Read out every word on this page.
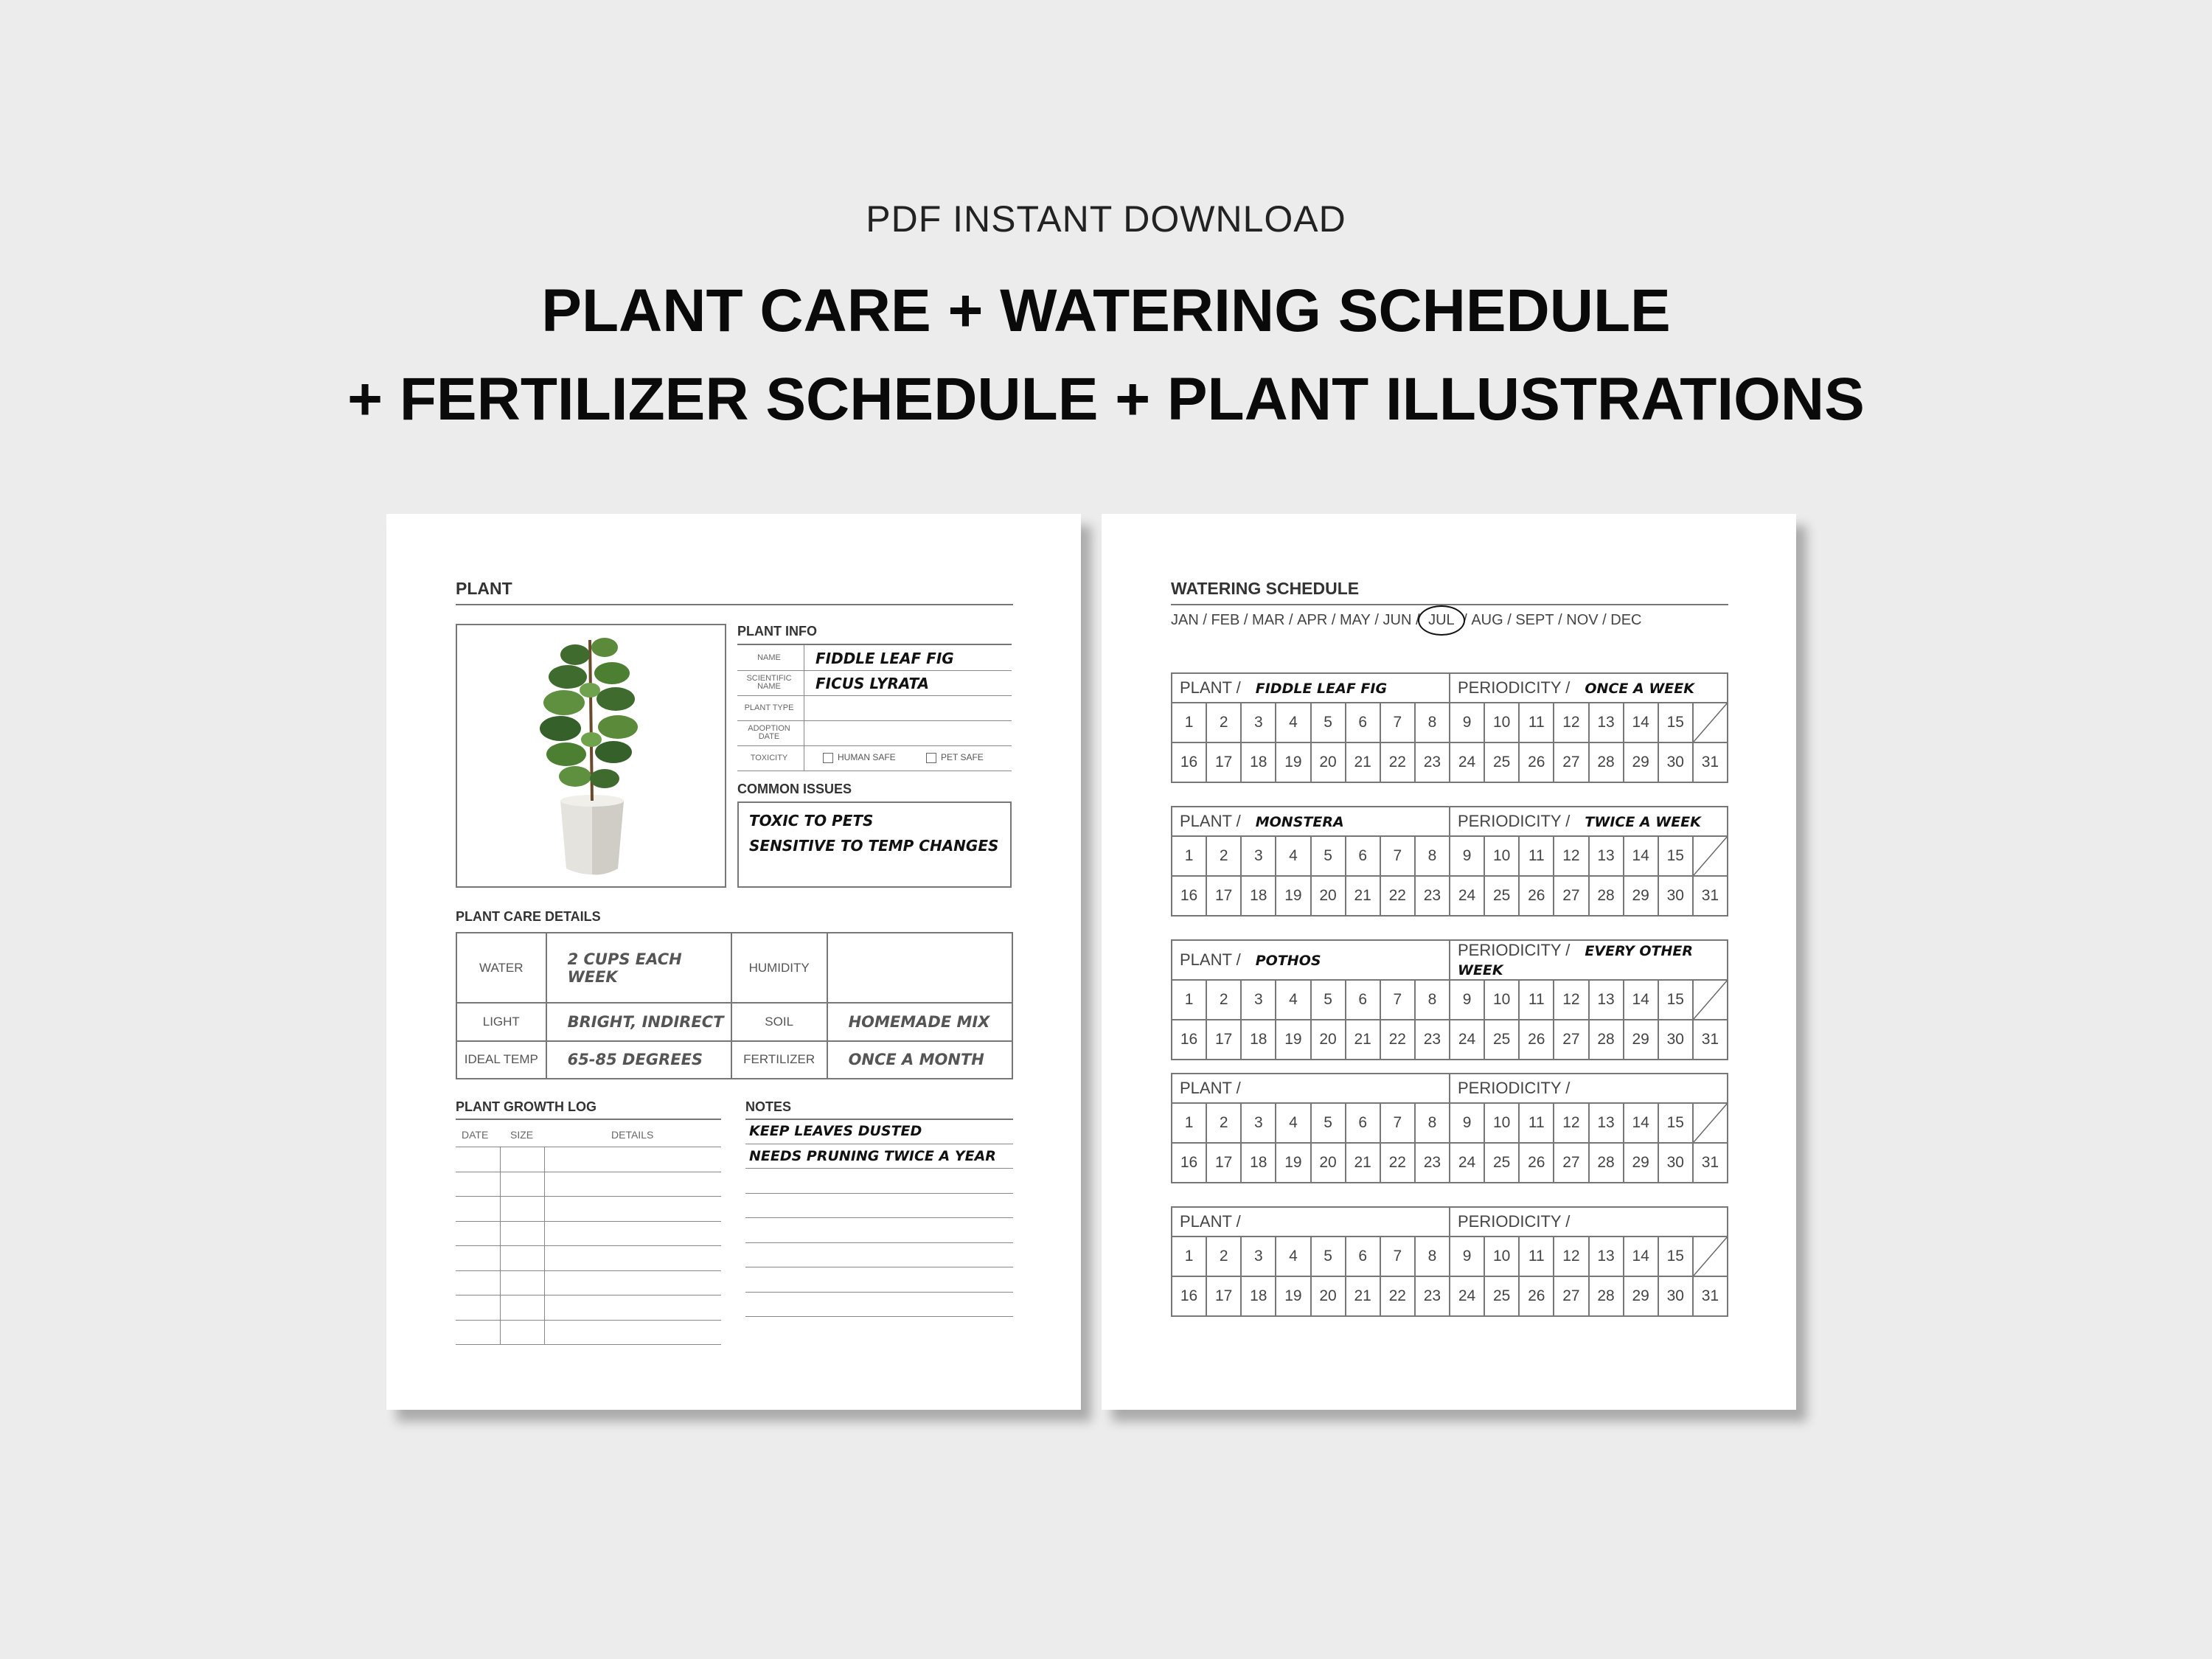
PDF INSTANT DOWNLOAD
PLANT CARE + WATERING SCHEDULE
+ FERTILIZER SCHEDULE + PLANT ILLUSTRATIONS
PLANT
PLANT INFO
NAME	FIDDLE LEAF FIG
SCIENTIFIC NAME	FICUS LYRATA
PLANT TYPE
ADOPTION DATE
TOXICITY	HUMAN SAFE	PET SAFE
COMMON ISSUES
TOXIC TO PETS
SENSITIVE TO TEMP CHANGES
PLANT CARE DETAILS
WATER	2 CUPS EACH WEEK	HUMIDITY	
LIGHT	BRIGHT, INDIRECT	SOIL	HOMEMADE MIX
IDEAL TEMP	65-85 DEGREES	FERTILIZER	ONCE A MONTH
PLANT GROWTH LOG
DATE SIZE	DETAILS
NOTES
KEEP LEAVES DUSTED
NEEDS PRUNING TWICE A YEAR
WATERING SCHEDULE
JAN / FEB / MAR / APR / MAY / JUN / JUL / AUG / SEPT / NOV / DEC
PLANT / FIDDLE LEAF FIG								PERIODICITY / ONCE A WEEK							
1	2	3	4	5	6	7	8	9	10	11	12	13	14	15	

16	17	18	19	20	21	22	23	24	25	26	27	28	29	30	31
PLANT / MONSTERA								PERIODICITY / TWICE A WEEK							
1	2	3	4	5	6	7	8	9	10	11	12	13	14	15	

16	17	18	19	20	21	22	23	24	25	26	27	28	29	30	31
PLANT / POTHOS								PERIODICITY / EVERY OTHER WEEK							
1	2	3	4	5	6	7	8	9	10	11	12	13	14	15	

16	17	18	19	20	21	22	23	24	25	26	27	28	29	30	31
PLANT /								PERIODICITY /							
1	2	3	4	5	6	7	8	9	10	11	12	13	14	15	

16	17	18	19	20	21	22	23	24	25	26	27	28	29	30	31
PLANT /								PERIODICITY /							
1	2	3	4	5	6	7	8	9	10	11	12	13	14	15	

16	17	18	19	20	21	22	23	24	25	26	27	28	29	30	31
